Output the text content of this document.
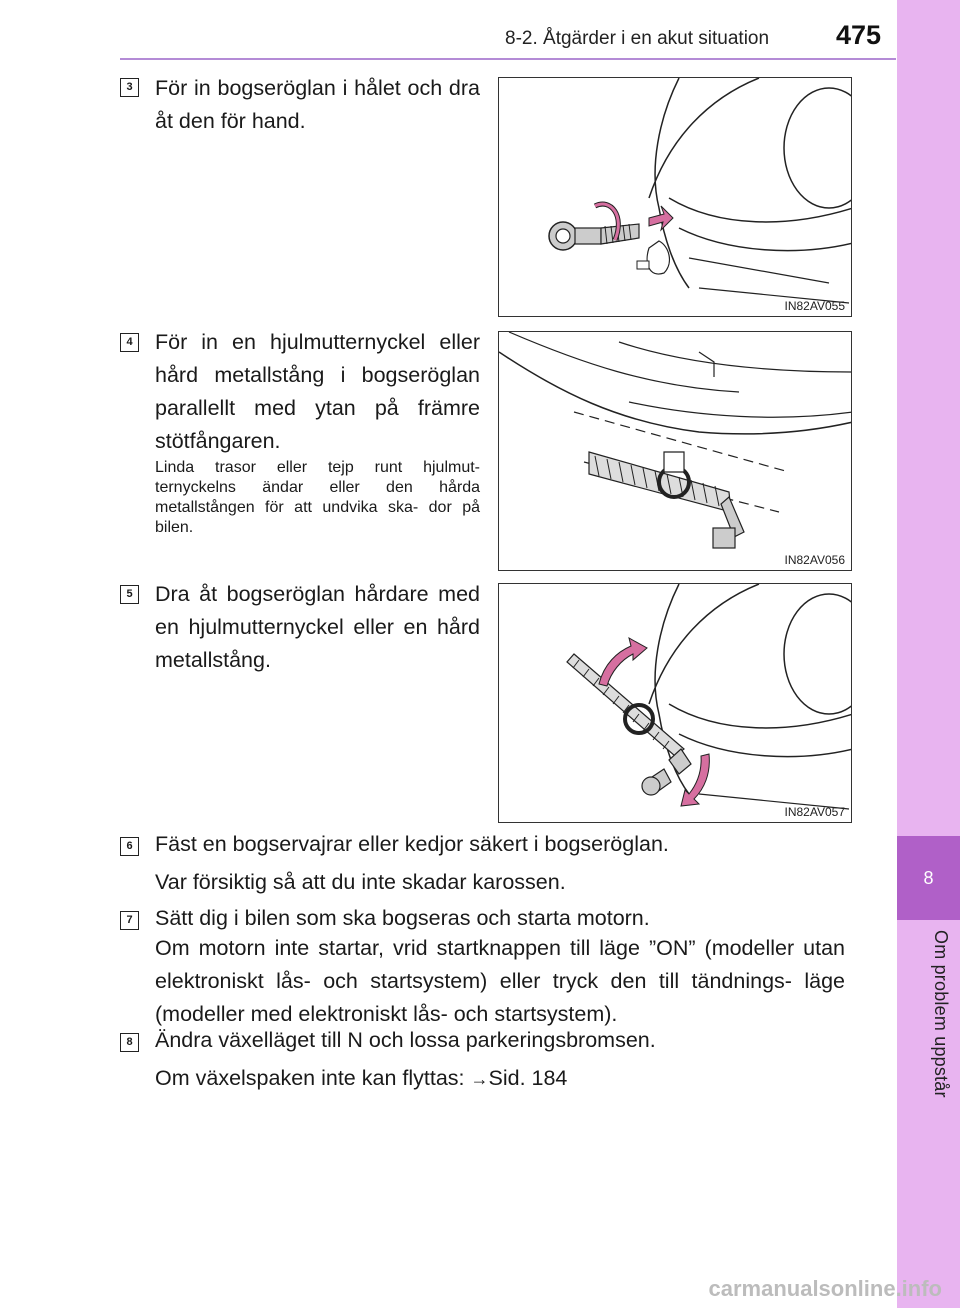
8-2. Åtgärder i en akut situation 475
8
Om problem uppstår
3 För in bogseröglan i hålet och dra åt den för hand.
IN82AV055
4 För in en hjulmutternyckel eller hård metallstång i bogseröglan parallellt med ytan på främre stötfångaren.
Linda trasor eller tejp runt hjulmut- ternyckelns ändar eller den hårda metallstången för att undvika ska- dor på bilen.
IN82AV056
5 Dra åt bogseröglan hårdare med en hjulmutternyckel eller en hård metallstång.
IN82AV057
6 Fäst en bogservajrar eller kedjor säkert i bogseröglan.
Var försiktig så att du inte skadar karossen.
7 Sätt dig i bilen som ska bogseras och starta motorn.
Om motorn inte startar, vrid startknappen till läge ”ON” (modeller utan elektroniskt lås- och startsystem) eller tryck den till tändnings- läge (modeller med elektroniskt lås- och startsystem).
8 Ändra växelläget till N och lossa parkeringsbromsen.
Om växelspaken inte kan flyttas: →Sid. 184
carmanualsonline.info
